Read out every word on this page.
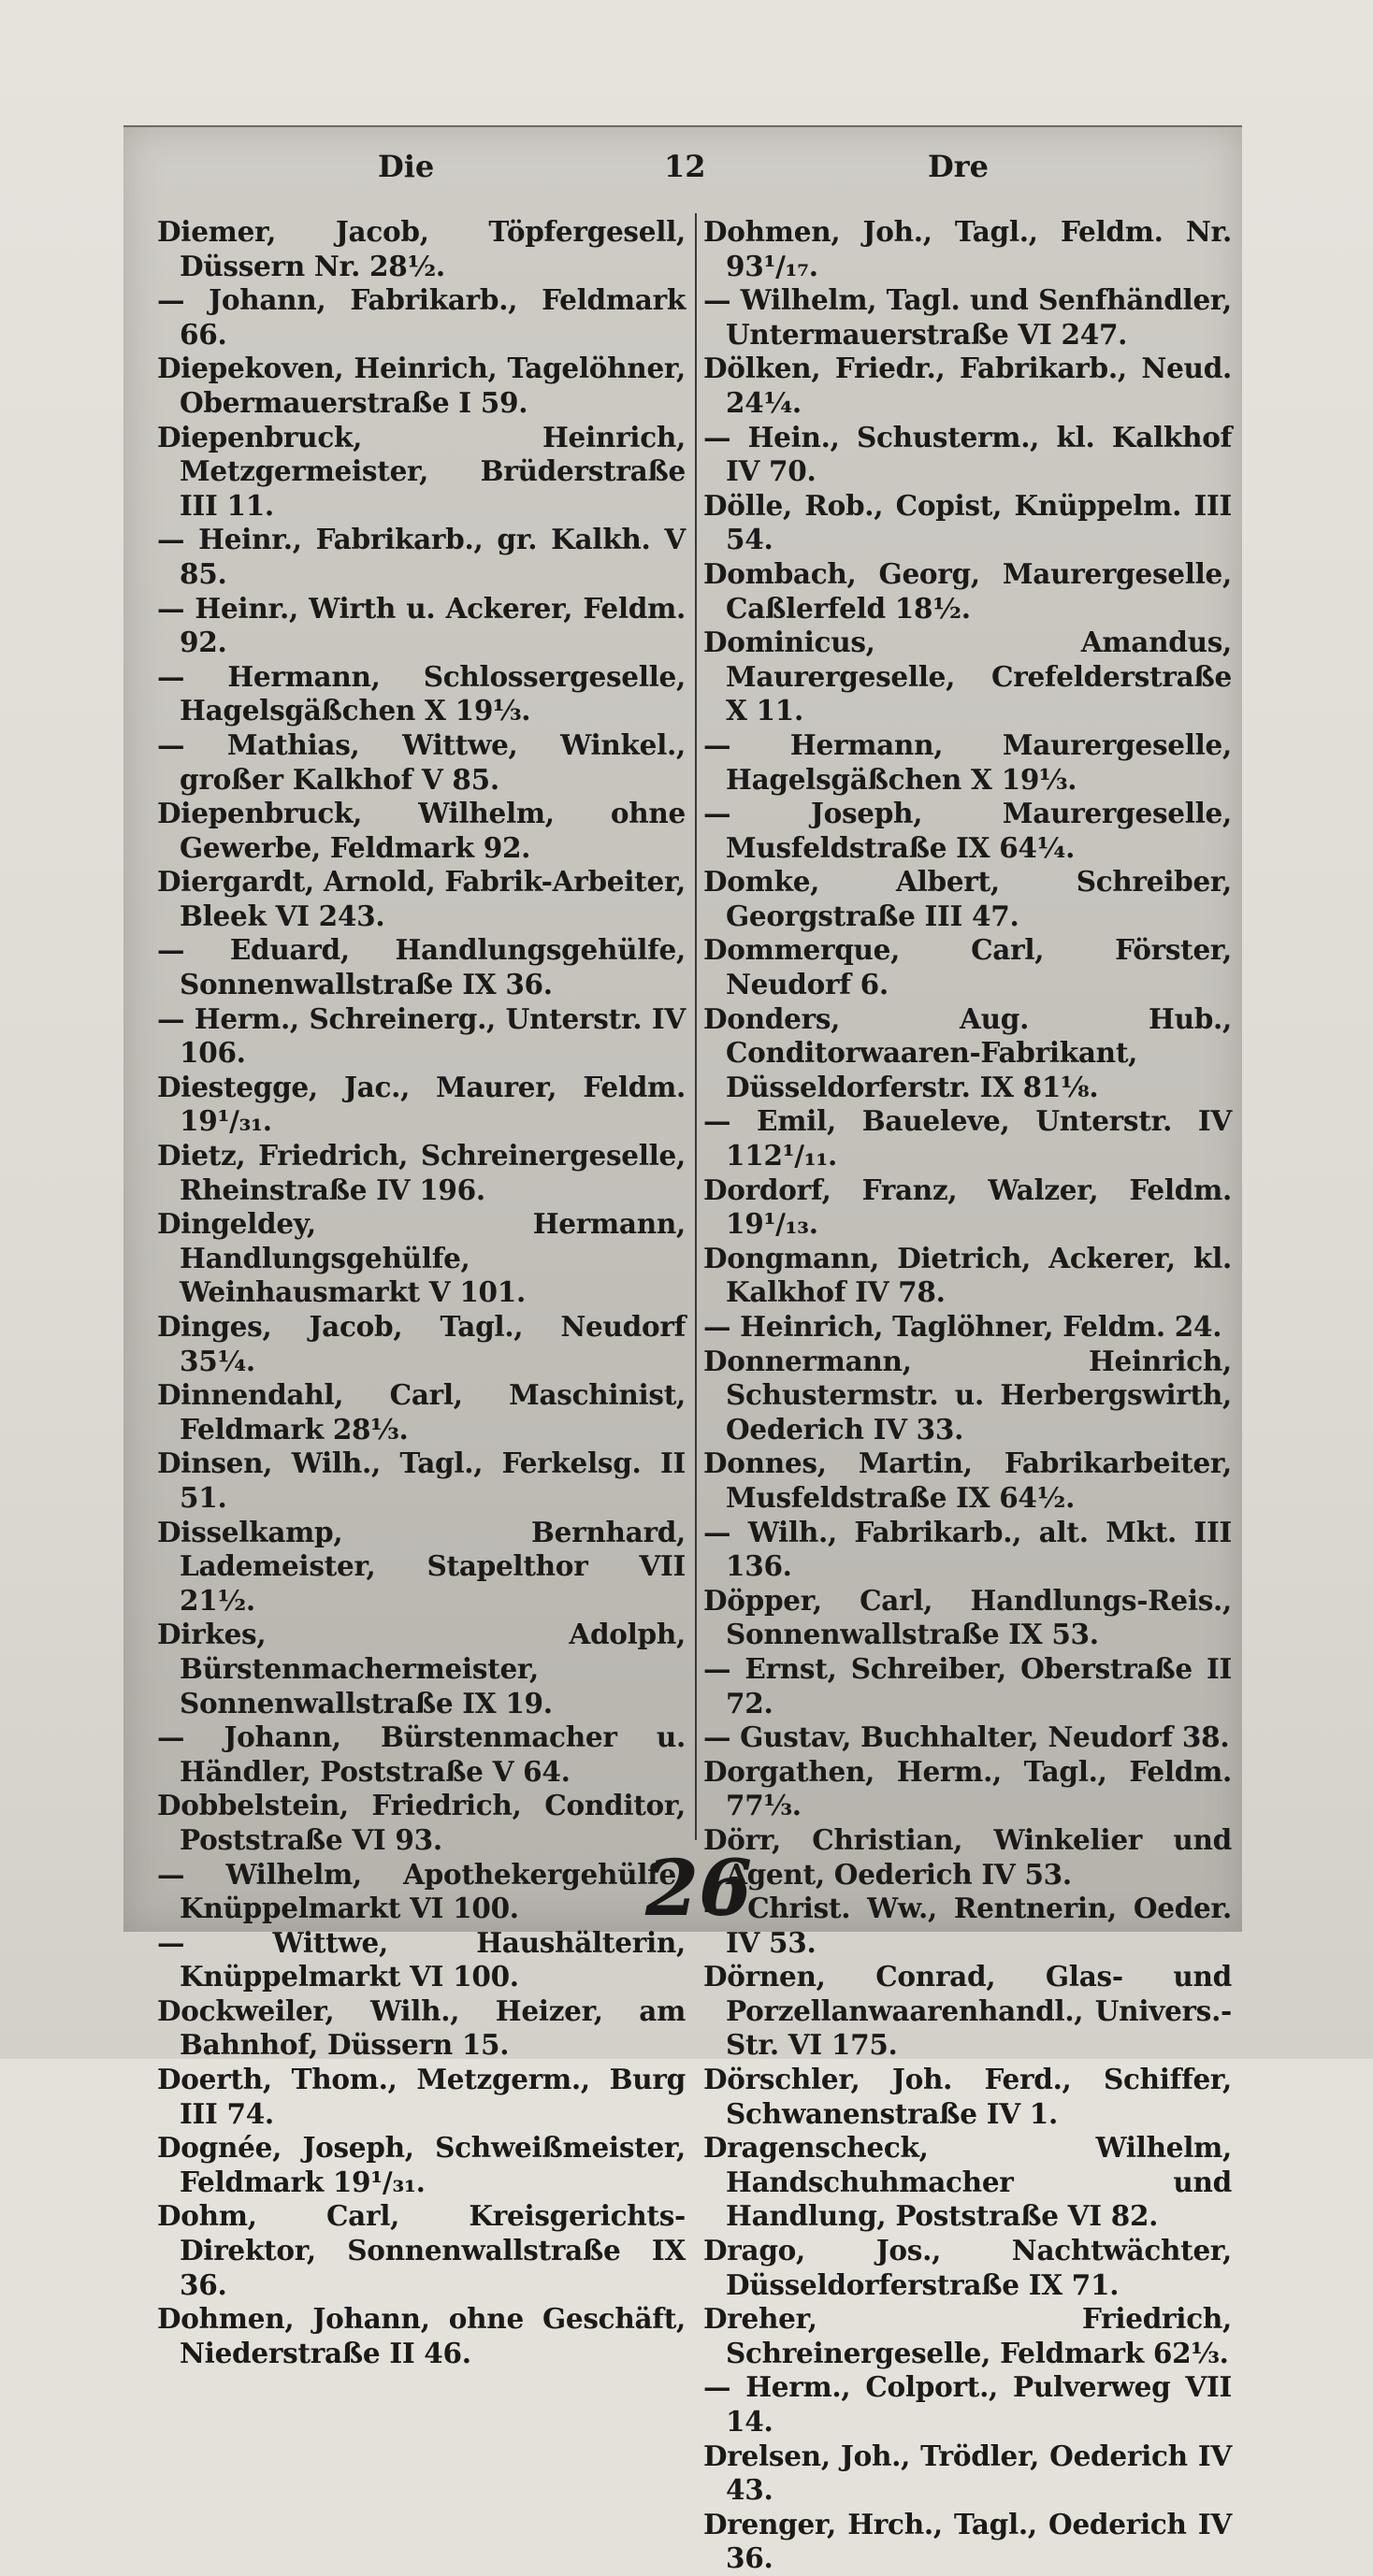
Die	12	Dre
Diemer, Jacob, Töpfergesell, Düssern Nr. 28½.
— Johann, Fabrikarb., Feldmark 66.
Diepekoven, Heinrich, Tagelöhner, Obermauerstraße I 59.
Diepenbruck, Heinrich, Metzgermeister, Brüderstraße III 11.
— Heinr., Fabrikarb., gr. Kalkh. V 85.
— Heinr., Wirth u. Ackerer, Feldm. 92.
— Hermann, Schlossergeselle, Hagelsgäßchen X 19⅓.
— Mathias, Wittwe, Winkel., großer Kalkhof V 85.
Diepenbruck, Wilhelm, ohne Gewerbe, Feldmark 92.
Diergardt, Arnold, Fabrik-Arbeiter, Bleek VI 243.
— Eduard, Handlungsgehülfe, Sonnenwallstraße IX 36.
— Herm., Schreinerg., Unterstr. IV 106.
Diestegge, Jac., Maurer, Feldm. 19¹/₃₁.
Dietz, Friedrich, Schreinergeselle, Rheinstraße IV 196.
Dingeldey, Hermann, Handlungsgehülfe, Weinhausmarkt V 101.
Dinges, Jacob, Tagl., Neudorf 35¼.
Dinnendahl, Carl, Maschinist, Feldmark 28⅓.
Dinsen, Wilh., Tagl., Ferkelsg. II 51.
Disselkamp, Bernhard, Lademeister, Stapelthor VII 21½.
Dirkes, Adolph, Bürstenmachermeister, Sonnenwallstraße IX 19.
— Johann, Bürstenmacher u. Händler, Poststraße V 64.
Dobbelstein, Friedrich, Conditor, Poststraße VI 93.
— Wilhelm, Apothekergehülfe, Knüppelmarkt VI 100.
— Wittwe, Haushälterin, Knüppelmarkt VI 100.
Dockweiler, Wilh., Heizer, am Bahnhof, Düssern 15.
Doerth, Thom., Metzgerm., Burg III 74.
Dognée, Joseph, Schweißmeister, Feldmark 19¹/₃₁.
Dohm, Carl, Kreisgerichts-Direktor, Sonnenwallstraße IX 36.
Dohmen, Johann, ohne Geschäft, Niederstraße II 46.
Dohmen, Joh., Tagl., Feldm. Nr. 93¹/₁₇.
— Wilhelm, Tagl. und Senfhändler, Untermauerstraße VI 247.
Dölken, Friedr., Fabrikarb., Neud. 24¼.
— Hein., Schusterm., kl. Kalkhof IV 70.
Dölle, Rob., Copist, Knüppelm. III 54.
Dombach, Georg, Maurergeselle, Caßlerfeld 18½.
Dominicus, Amandus, Maurergeselle, Crefelderstraße X 11.
— Hermann, Maurergeselle, Hagelsgäßchen X 19⅓.
— Joseph, Maurergeselle, Musfeldstraße IX 64¼.
Domke, Albert, Schreiber, Georgstraße III 47.
Dommerque, Carl, Förster, Neudorf 6.
Donders, Aug. Hub., Conditorwaaren-Fabrikant, Düsseldorferstr. IX 81⅛.
— Emil, Baueleve, Unterstr. IV 112¹/₁₁.
Dordorf, Franz, Walzer, Feldm. 19¹/₁₃.
Dongmann, Dietrich, Ackerer, kl. Kalkhof IV 78.
— Heinrich, Taglöhner, Feldm. 24.
Donnermann, Heinrich, Schustermstr. u. Herbergswirth, Oederich IV 33.
Donnes, Martin, Fabrikarbeiter, Musfeldstraße IX 64½.
— Wilh., Fabrikarb., alt. Mkt. III 136.
Döpper, Carl, Handlungs-Reis., Sonnenwallstraße IX 53.
— Ernst, Schreiber, Oberstraße II 72.
— Gustav, Buchhalter, Neudorf 38.
Dorgathen, Herm., Tagl., Feldm. 77⅓.
Dörr, Christian, Winkelier und Agent, Oederich IV 53.
— Christ. Ww., Rentnerin, Oeder. IV 53.
Dörnen, Conrad, Glas- und Porzellanwaarenhandl., Univers.-Str. VI 175.
Dörschler, Joh. Ferd., Schiffer, Schwanenstraße IV 1.
Dragenscheck, Wilhelm, Handschuhmacher und Handlung, Poststraße VI 82.
Drago, Jos., Nachtwächter, Düsseldorferstraße IX 71.
Dreher, Friedrich, Schreinergeselle, Feldmark 62⅓.
— Herm., Colport., Pulverweg VII 14.
Drelsen, Joh., Trödler, Oederich IV 43.
Drenger, Hrch., Tagl., Oederich IV 36.
26
